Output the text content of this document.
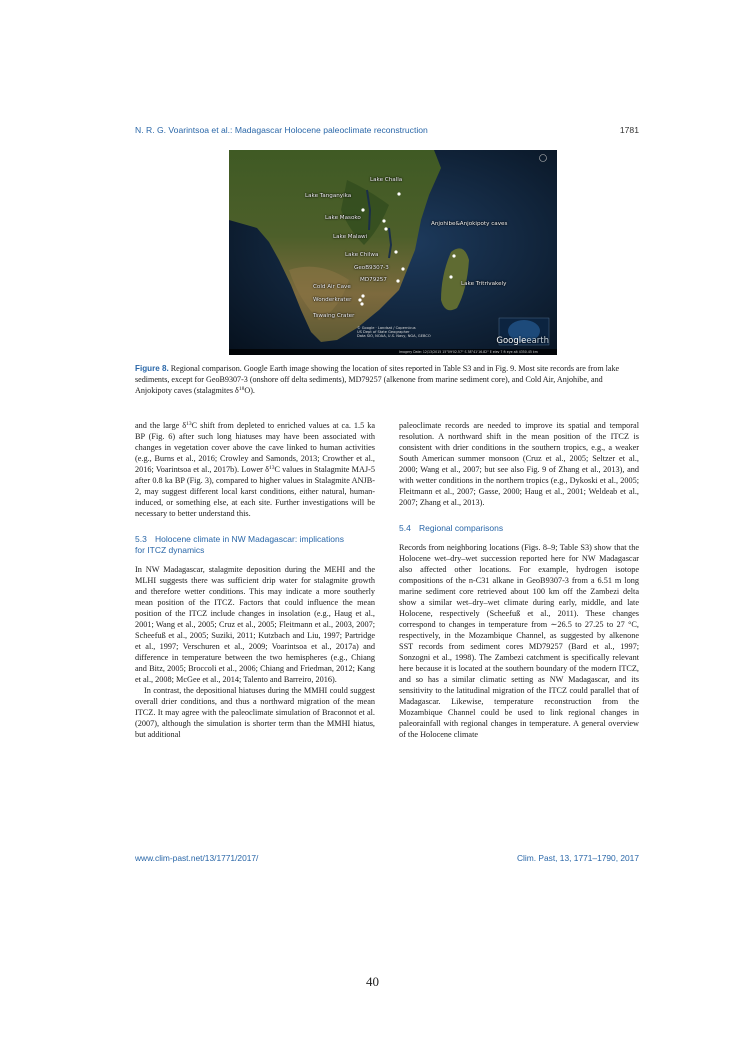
N. R. G. Voarintsoa et al.: Madagascar Holocene paleoclimate reconstruction	1781
Lake Challa
Lake Tanganyika
Lake Masoko
Anjohibe&Anjokipoty caves
Lake Malawi
Lake Chilwa
GeoB9307-3
MD79257
Lake Tritrivakely
Cold Air Cave
Wonderkrater
Tswaing Crater
© Google · Landsat / Copernicus
US Dept of State Geographer
Data SIO, NOAA, U.S. Navy, NGA, GEBCO	Googleearth
Imagery Date: 12/13/2015 15°09'02.57" S 38°41'16.82" E elev 7 ft eye alt 4350.45 km
Figure 8. Regional comparison. Google Earth image showing the location of sites reported in Table S3 and in Fig. 9. Most site records are from lake sediments, except for GeoB9307-3 (onshore off delta sediments), MD79257 (alkenone from marine sediment core), and Cold Air, Anjohibe, and Anjokipoty caves (stalagmites $\delta^{18}O$).

and the large $\delta^{13}C$ shift from depleted to enriched values at ca. 1.5 ka BP (Fig. 6) after such long hiatuses may have been associated with changes in vegetation cover above the cave linked to human activities (e.g., Burns et al., 2016; Crowley and Samonds, 2013; Crowther et al., 2016; Voarintsoa et al., 2017b). Lower $\delta^{13}C$ values in Stalagmite MAJ-5 after 0.8 ka BP (Fig. 3), compared to higher values in Stalagmite ANJB-2, may suggest different local karst conditions, either natural, human-induced, or something else, at each site. Further investigations will be necessary to better understand this.

5.3 Holocene climate in NW Madagascar: implications

for ITCZ dynamics

In NW Madagascar, stalagmite deposition during the MEHI and the MLHI suggests there was sufficient drip water for stalagmite growth and therefore wetter conditions. This may indicate a more southerly mean position of the ITCZ. Factors that could influence the mean position of the ITCZ include changes in insolation (e.g., Haug et al., 2001; Wang et al., 2005; Cruz et al., 2005; Fleitmann et al., 2003, 2007; Scheefuß et al., 2005; Suziki, 2011; Kutzbach and Liu, 1997; Partridge et al., 1997; Verschuren et al., 2009; Voarintsoa et al., 2017a) and difference in temperature between the two hemispheres (e.g., Chiang and Bitz, 2005; Broccoli et al., 2006; Chiang and Friedman, 2012; Kang et al., 2008; McGee et al., 2014; Talento and Barreiro, 2016).

In contrast, the depositional hiatuses during the MMHI could suggest overall drier conditions, and thus a northward migration of the mean ITCZ. It may agree with the paleoclimate simulation of Braconnot et al. (2007), although the simulation is shorter term than the MMHI hiatus, but additional

paleoclimate records are needed to improve its spatial and temporal resolution. A northward shift in the mean position of the ITCZ is consistent with drier conditions in the southern tropics, e.g., a weaker South American summer monsoon (Cruz et al., 2005; Seltzer et al., 2000; Wang et al., 2007; but see also Fig. 9 of Zhang et al., 2013), and with wetter conditions in the northern tropics (e.g., Dykoski et al., 2005; Fleitmann et al., 2007; Gasse, 2000; Haug et al., 2001; Weldeab et al., 2007; Zhang et al., 2013).

5.4 Regional comparisons

Records from neighboring locations (Figs. 8–9; Table S3) show that the Holocene wet–dry–wet succession reported here for NW Madagascar also affected other locations. For example, hydrogen isotope compositions of the n-C31 alkane in GeoB9307-3 from a 6.51 m long marine sediment core retrieved about 100 km off the Zambezi delta show a similar wet–dry–wet climate during early, middle, and late Holocene, respectively (Scheefuß et al., 2011). These changes correspond to changes in temperature from ∼26.5 to 27.25 to 27 °C, respectively, in the Mozambique Channel, as suggested by alkenone SST records from sediment cores MD79257 (Bard et al., 1997; Sonzogni et al., 1998). The Zambezi catchment is specifically relevant here because it is located at the southern boundary of the modern ITCZ, and so has a similar climatic setting as NW Madagascar, and its sensitivity to the latitudinal migration of the ITCZ could parallel that of Madagascar. Likewise, temperature reconstruction from the Mozambique Channel could be used to link regional changes in paleorainfall with regional changes in temperature. A general overview of the Holocene climate

www.clim-past.net/13/1771/2017/	Clim. Past, 13, 1771–1790, 2017
40
